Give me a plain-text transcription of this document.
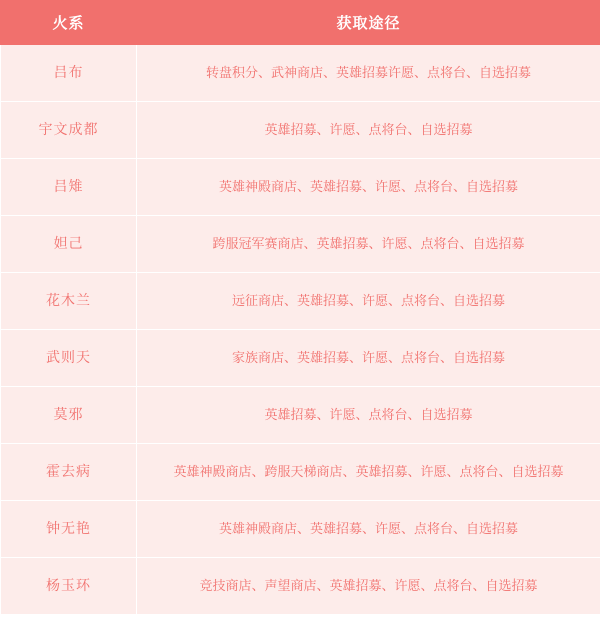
火系	获取途径
吕布	转盘积分、武神商店、英雄招募许愿、点将台、自选招募
宇文成都	英雄招募、许愿、点将台、自选招募
吕雉	英雄神殿商店、英雄招募、许愿、点将台、自选招募
妲己	跨服冠军赛商店、英雄招募、许愿、点将台、自选招募
花木兰	远征商店、英雄招募、许愿、点将台、自选招募
武则天	家族商店、英雄招募、许愿、点将台、自选招募
莫邪	英雄招募、许愿、点将台、自选招募
霍去病	英雄神殿商店、跨服天梯商店、英雄招募、许愿、点将台、自选招募
钟无艳	英雄神殿商店、英雄招募、许愿、点将台、自选招募
杨玉环	竞技商店、声望商店、英雄招募、许愿、点将台、自选招募
